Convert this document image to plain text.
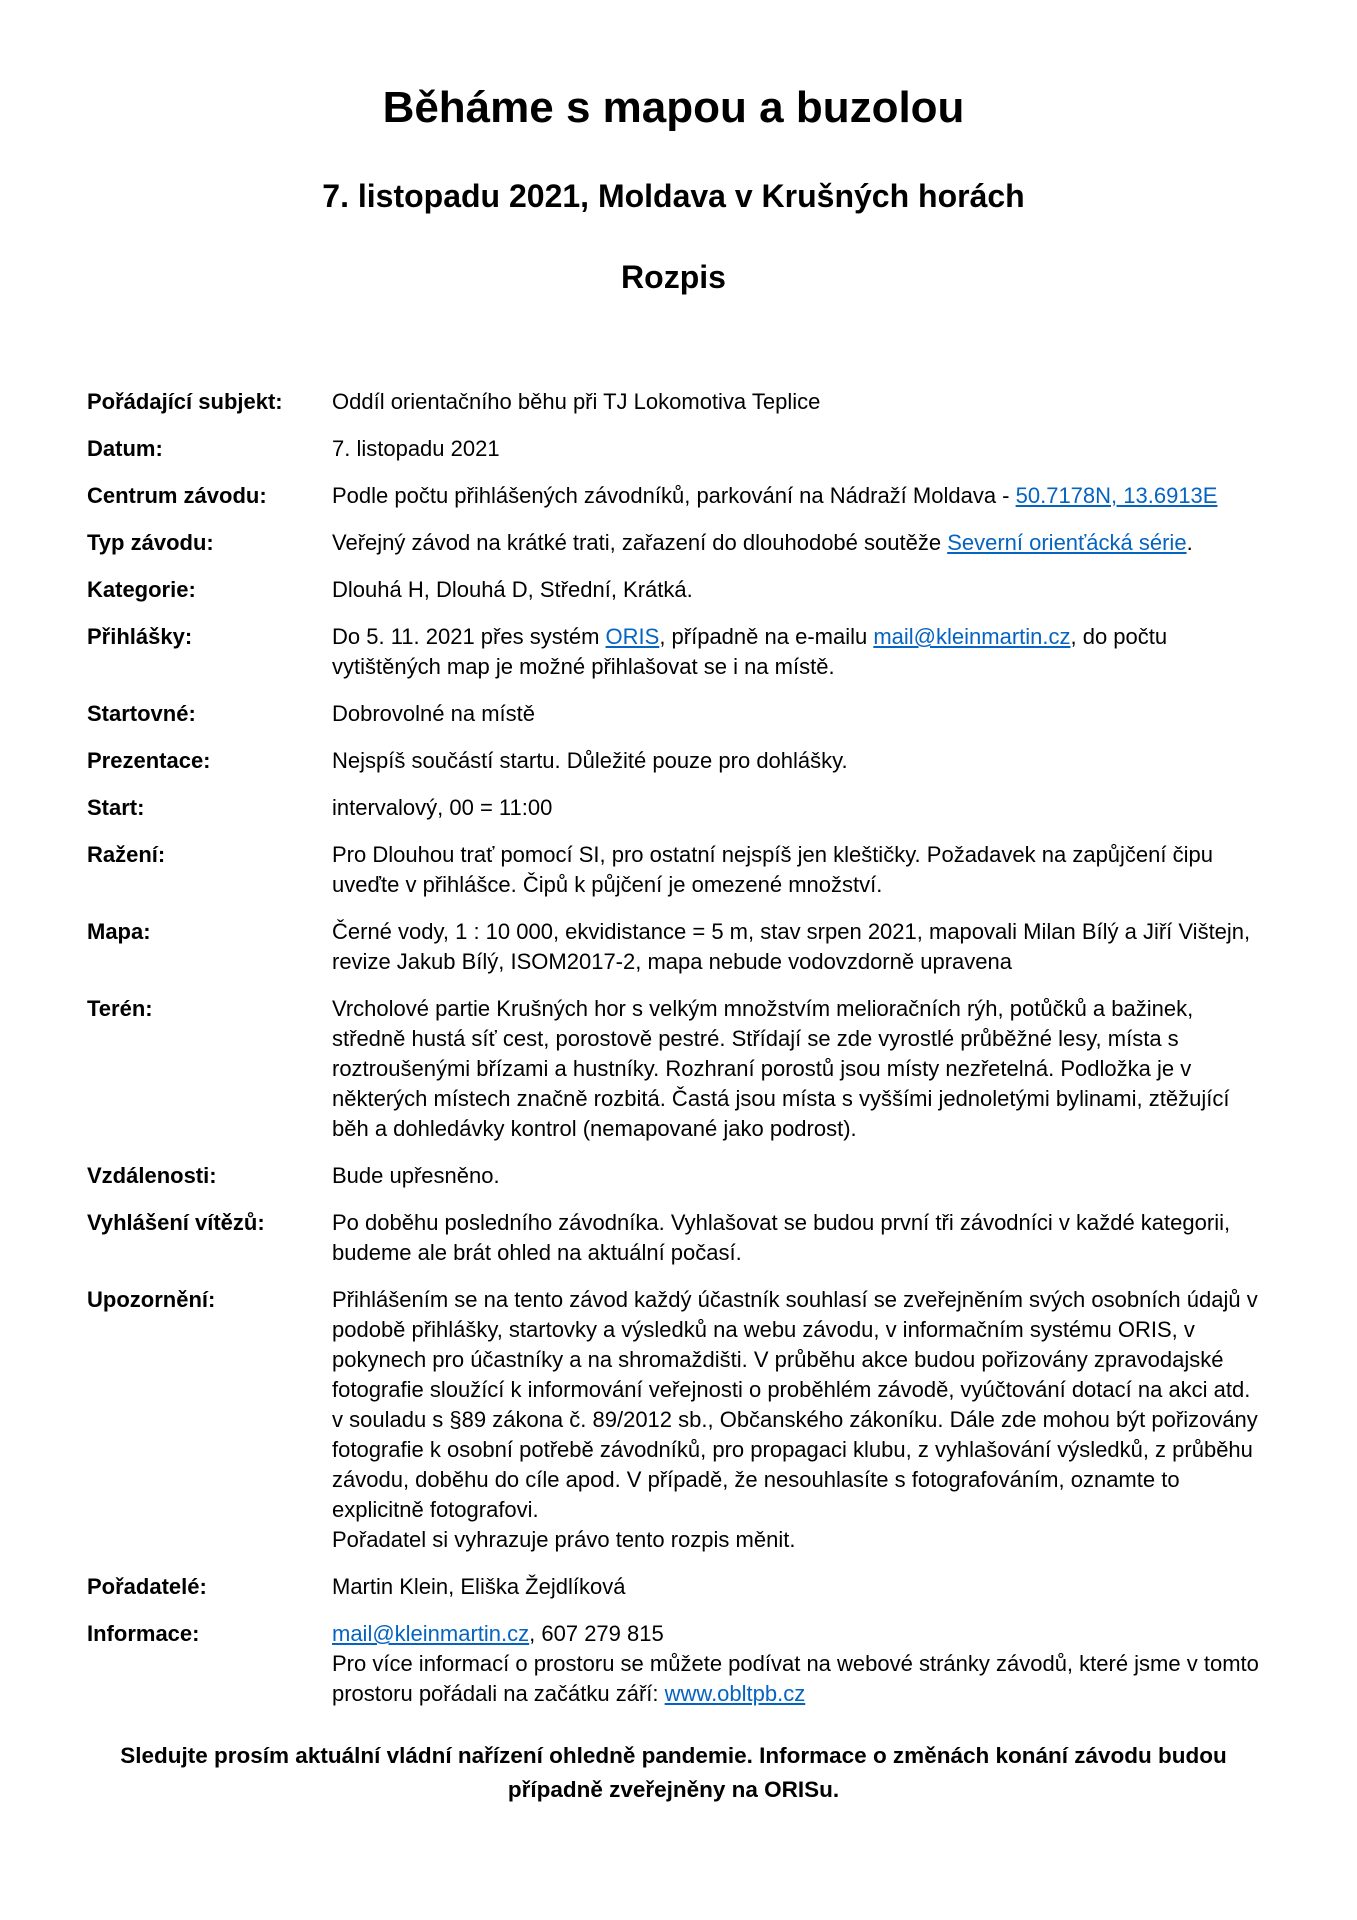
Běháme s mapou a buzolou
7. listopadu 2021, Moldava v Krušných horách
Rozpis
Pořádající subjekt:	Oddíl orientačního běhu při TJ Lokomotiva Teplice
Datum:	7. listopadu 2021
Centrum závodu:	Podle počtu přihlášených závodníků, parkování na Nádraží Moldava - 50.7178N, 13.6913E
Typ závodu:	Veřejný závod na krátké trati, zařazení do dlouhodobé soutěže Severní orienťácká série.
Kategorie:	Dlouhá H, Dlouhá D, Střední, Krátká.
Přihlášky:	Do 5. 11. 2021 přes systém ORIS, případně na e-mailu mail@kleinmartin.cz, do počtu vytištěných map je možné přihlašovat se i na místě.
Startovné:	Dobrovolné na místě
Prezentace:	Nejspíš součástí startu. Důležité pouze pro dohlášky.
Start:	intervalový, 00 = 11:00
Ražení:	Pro Dlouhou trať pomocí SI, pro ostatní nejspíš jen kleštičky. Požadavek na zapůjčení čipu uveďte v přihlášce. Čipů k půjčení je omezené množství.
Mapa:	Černé vody, 1 : 10 000, ekvidistance = 5 m, stav srpen 2021, mapovali Milan Bílý a Jiří Vištejn, revize Jakub Bílý, ISOM2017-2, mapa nebude vodovzdorně upravena
Terén:	Vrcholové partie Krušných hor s velkým množstvím melioračních rýh, potůčků a bažinek, středně hustá síť cest, porostově pestré. Střídají se zde vyrostlé průběžné lesy, místa s roztroušenými břízami a hustníky. Rozhraní porostů jsou místy nezřetelná. Podložka je v některých místech značně rozbitá. Častá jsou místa s vyššími jednoletými bylinami, ztěžující běh a dohledávky kontrol (nemapované jako podrost).
Vzdálenosti:	Bude upřesněno.
Vyhlášení vítězů:	Po doběhu posledního závodníka. Vyhlašovat se budou první tři závodníci v každé kategorii, budeme ale brát ohled na aktuální počasí.
Upozornění:	Přihlášením se na tento závod každý účastník souhlasí se zveřejněním svých osobních údajů v podobě přihlášky, startovky a výsledků na webu závodu, v informačním systému ORIS, v pokynech pro účastníky a na shromaždišti. V průběhu akce budou pořizovány zpravodajské fotografie sloužící k informování veřejnosti o proběhlém závodě, vyúčtování dotací na akci atd. v souladu s §89 zákona č. 89/2012 sb., Občanského zákoníku. Dále zde mohou být pořizovány fotografie k osobní potřebě závodníků, pro propagaci klubu, z vyhlašování výsledků, z průběhu závodu, doběhu do cíle apod. V případě, že nesouhlasíte s fotografováním, oznamte to explicitně fotografovi.
Pořadatel si vyhrazuje právo tento rozpis měnit.
Pořadatelé:	Martin Klein, Eliška Žejdlíková
Informace:	mail@kleinmartin.cz, 607 279 815
Pro více informací o prostoru se můžete podívat na webové stránky závodů, které jsme v tomto prostoru pořádali na začátku září: www.obltpb.cz
Sledujte prosím aktuální vládní nařízení ohledně pandemie. Informace o změnách konání závodu budou případně zveřejněny na ORISu.
